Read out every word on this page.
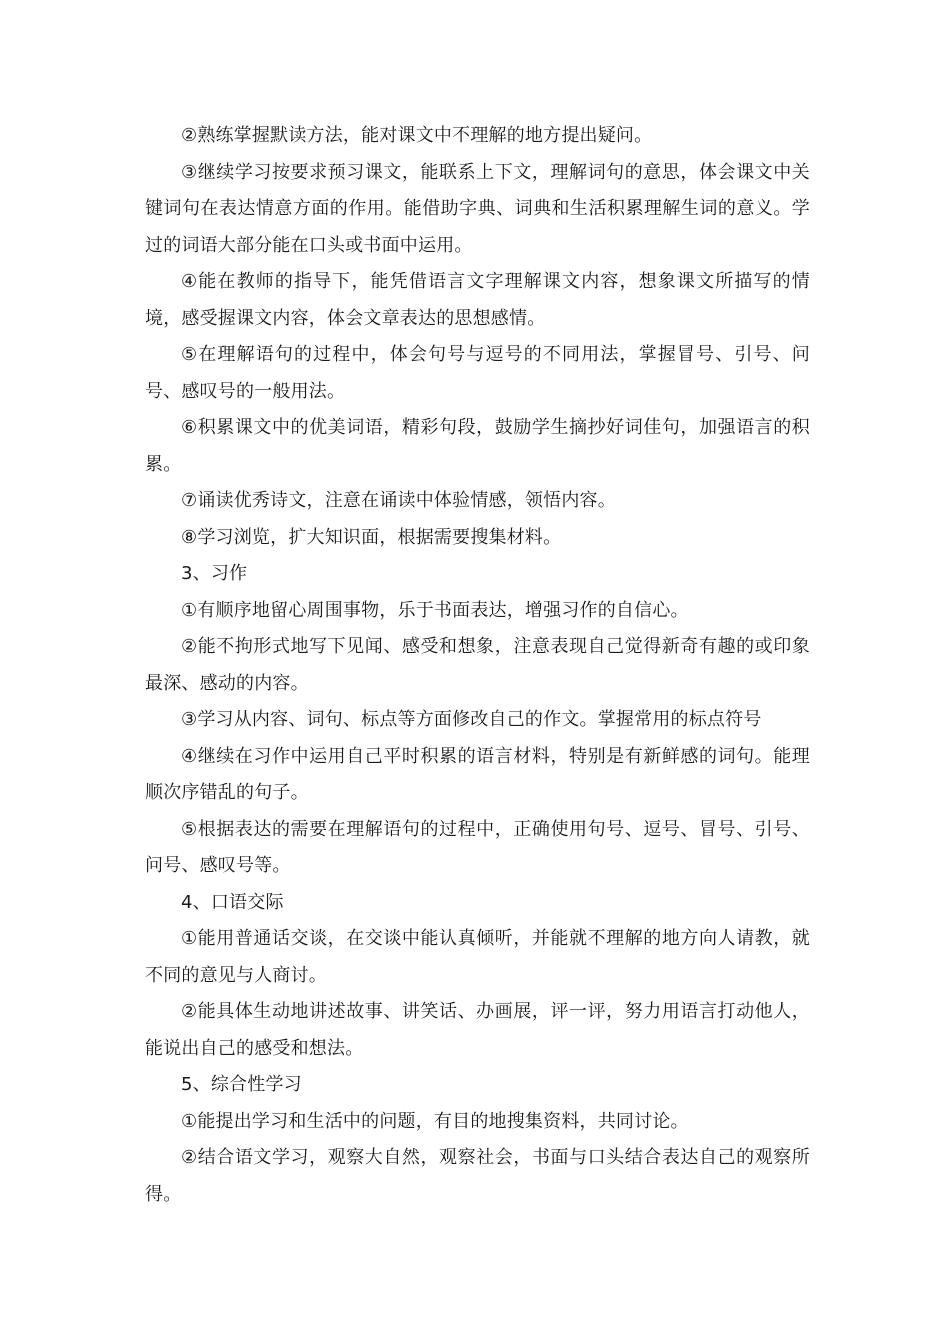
②熟练掌握默读方法，能对课文中不理解的地方提出疑问。

③继续学习按要求预习课文，能联系上下文，理解词句的意思，体会课文中关键词句在表达情意方面的作用。能借助字典、词典和生活积累理解生词的意义。学过的词语大部分能在口头或书面中运用。

④能在教师的指导下，能凭借语言文字理解课文内容，想象课文所描写的情境，感受握课文内容，体会文章表达的思想感情。

⑤在理解语句的过程中，体会句号与逗号的不同用法，掌握冒号、引号、问号、感叹号的一般用法。

⑥积累课文中的优美词语，精彩句段，鼓励学生摘抄好词佳句，加强语言的积累。

⑦诵读优秀诗文，注意在诵读中体验情感，领悟内容。

⑧学习浏览，扩大知识面，根据需要搜集材料。

3、习作

①有顺序地留心周围事物，乐于书面表达，增强习作的自信心。

②能不拘形式地写下见闻、感受和想象，注意表现自己觉得新奇有趣的或印象最深、感动的内容。

③学习从内容、词句、标点等方面修改自己的作文。掌握常用的标点符号

④继续在习作中运用自己平时积累的语言材料，特别是有新鲜感的词句。能理顺次序错乱的句子。

⑤根据表达的需要在理解语句的过程中，正确使用句号、逗号、冒号、引号、问号、感叹号等。

4、口语交际

①能用普通话交谈，在交谈中能认真倾听，并能就不理解的地方向人请教，就不同的意见与人商讨。

②能具体生动地讲述故事、讲笑话、办画展，评一评，努力用语言打动他人，能说出自己的感受和想法。

5、综合性学习

①能提出学习和生活中的问题，有目的地搜集资料，共同讨论。

②结合语文学习，观察大自然，观察社会，书面与口头结合表达自己的观察所得。
